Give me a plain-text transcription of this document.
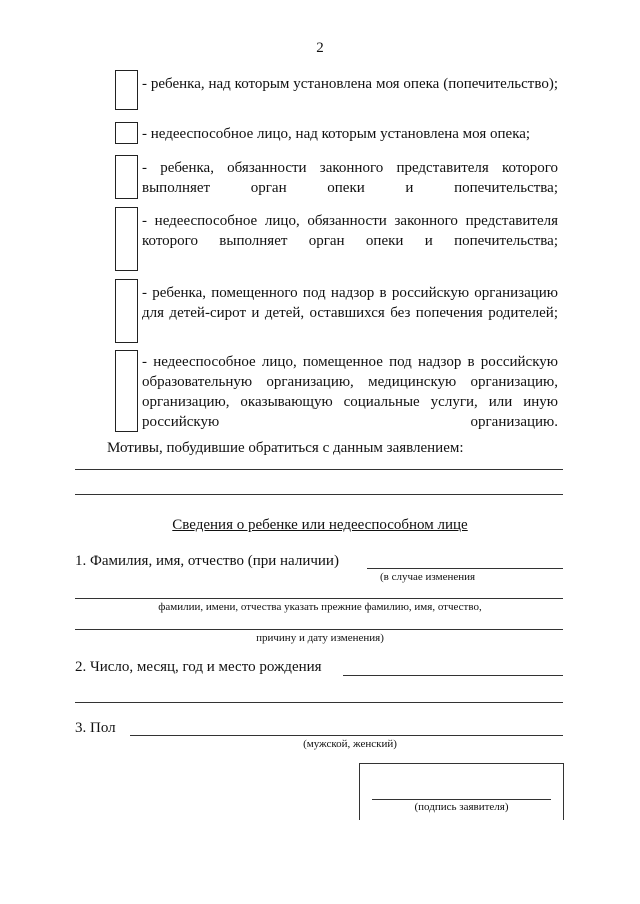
2
- ребенка, над которым установлена моя опека (попечительство);
- недееспособное лицо, над которым установлена моя опека;
- ребенка, обязанности законного представителя которого выполняет орган опеки и попечительства;
- недееспособное лицо, обязанности законного представителя которого выполняет орган опеки и попечительства;
- ребенка, помещенного под надзор в российскую организацию для детей-сирот и детей, оставшихся без попечения родителей;
- недееспособное лицо, помещенное под надзор в российскую образовательную организацию, медицинскую организацию, организацию, оказывающую социальные услуги, или иную российскую организацию.
Мотивы, побудившие обратиться с данным заявлением:
Сведения о ребенке или недееспособном лице
1. Фамилия, имя, отчество (при наличии)
(в случае изменения
фамилии, имени, отчества указать прежние фамилию, имя, отчество,
причину и дату изменения)
2. Число, месяц, год и место рождения
3. Пол
(мужской, женский)
(подпись заявителя)
